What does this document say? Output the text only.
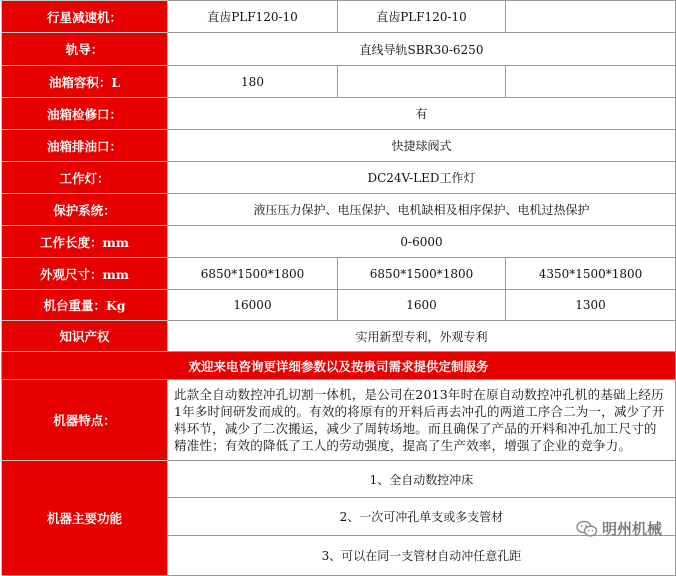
行星减速机：	直齿PLF120-10	直齿PLF120-10	
轨导：	直线导轨SBR30-6250		
油箱容积：L	180		
油箱检修口：	有		
油箱排油口：	快捷球阀式		
工作灯：	DC24V-LED工作灯		
保护系统：	液压压力保护、电压保护、电机缺相及相序保护、电机过热保护		
工作长度：mm	0-6000		
外观尺寸：mm	6850*1500*1800	6850*1500*1800	4350*1500*1800
机台重量：Kg	16000	1600	1300
知识产权	实用新型专利，外观专利		
欢迎来电咨询更详细参数以及按贵司需求提供定制服务			
机器特点：	此款全自动数控冲孔切割一体机，是公司在2013年时在原自动数控冲孔机的基础上经历1年多时间研发而成的。有效的将原有的开料后再去冲孔的两道工序合二为一，减少了开料环节，减少了二次搬运，减少了周转场地。而且确保了产品的开料和冲孔加工尺寸的精准性；有效的降低了工人的劳动强度，提高了生产效率，增强了企业的竞争力。		
机器主要功能	1、全自动数控冲床		
	2、一次可冲孔单支或多支管材		
	3、可以在同一支管材自动冲任意孔距		
明州机械
